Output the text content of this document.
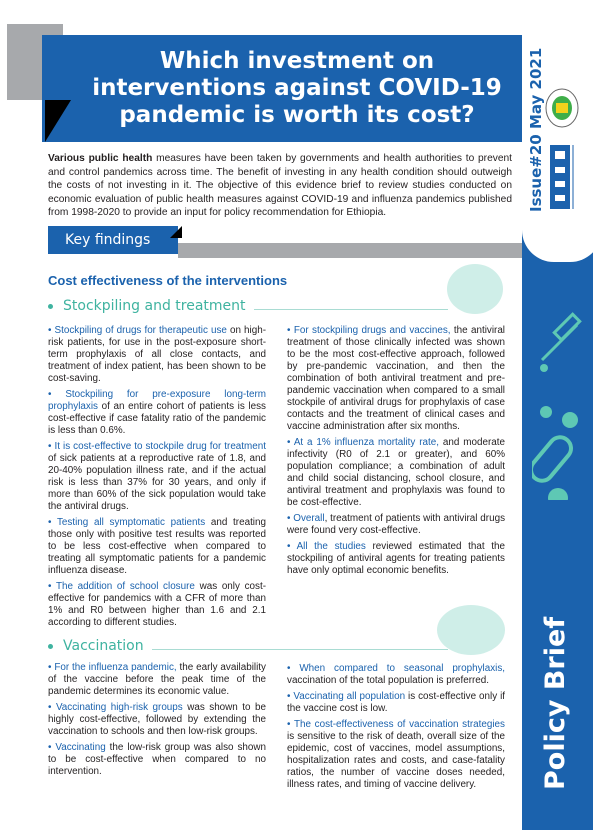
Which investment on interventions against COVID-19 pandemic is worth its cost?	Issue#20 May 2021
Various public health measures have been taken by governments and health authorities to prevent and control pandemics across time. The benefit of investing in any health condition should outweigh the costs of not investing in it. The objective of this evidence brief to review studies conducted on economic evaluation of public health measures against COVID-19 and influenza pandemics published from 1998-2020 to provide an input for policy recommendation for Ethiopia.
Key findings
Policy Brief
Cost effectiveness of the interventions
Stockpiling and treatment

• Stockpiling of drugs for therapeutic use on high-risk patients, for use in the post-exposure short-term prophylaxis of all close contacts, and treatment of index patient, has been shown to be cost-saving.

• Stockpiling for pre-exposure long-term prophylaxis of an entire cohort of patients is less cost-effective if case fatality ratio of the pandemic is less than 0.6%.

• It is cost-effective to stockpile drug for treatment of sick patients at a reproductive rate of 1.8, and 20-40% population illness rate, and if the actual risk is less than 37% for 30 years, and only if more than 60% of the sick population would take the antiviral drugs.

• Testing all symptomatic patients and treating those only with positive test results was reported to be less cost-effective when compared to treating all symptomatic patients for a pandemic influenza disease.

• The addition of school closure was only cost-effective for pandemics with a CFR of more than 1% and R0 between higher than 1.6 and 2.1 according to different studies.

• For stockpiling drugs and vaccines, the antiviral treatment of those clinically infected was shown to be the most cost-effective approach, followed by pre-pandemic vaccination, and then the combination of both antiviral treatment and pre-pandemic vaccination when compared to a small stockpile of antiviral drugs for prophylaxis of case contacts and the treatment of clinical cases and vaccine administration after six months.

• At a 1% influenza mortality rate, and moderate infectivity (R0 of 2.1 or greater), and 60% population compliance; a combination of adult and child social distancing, school closure, and antiviral treatment and prophylaxis was found to be cost-effective.

• Overall, treatment of patients with antiviral drugs were found very cost-effective.

• All the studies reviewed estimated that the stockpiling of antiviral agents for treating patients have only optimal economic benefits.

Vaccination

• For the influenza pandemic, the early availability of the vaccine before the peak time of the pandemic determines its economic value.

• Vaccinating high-risk groups was shown to be highly cost-effective, followed by extending the vaccination to schools and then low-risk groups.

• Vaccinating the low-risk group was also shown to be cost-effective when compared to no intervention.

• When compared to seasonal prophylaxis, vaccination of the total population is preferred.

• Vaccinating all population is cost-effective only if the vaccine cost is low.

• The cost-effectiveness of vaccination strategies is sensitive to the risk of death, overall size of the epidemic, cost of vaccines, model assumptions, hospitalization rates and costs, and case-fatality ratios, the number of vaccine doses needed, illness rates, and timing of vaccine delivery.
